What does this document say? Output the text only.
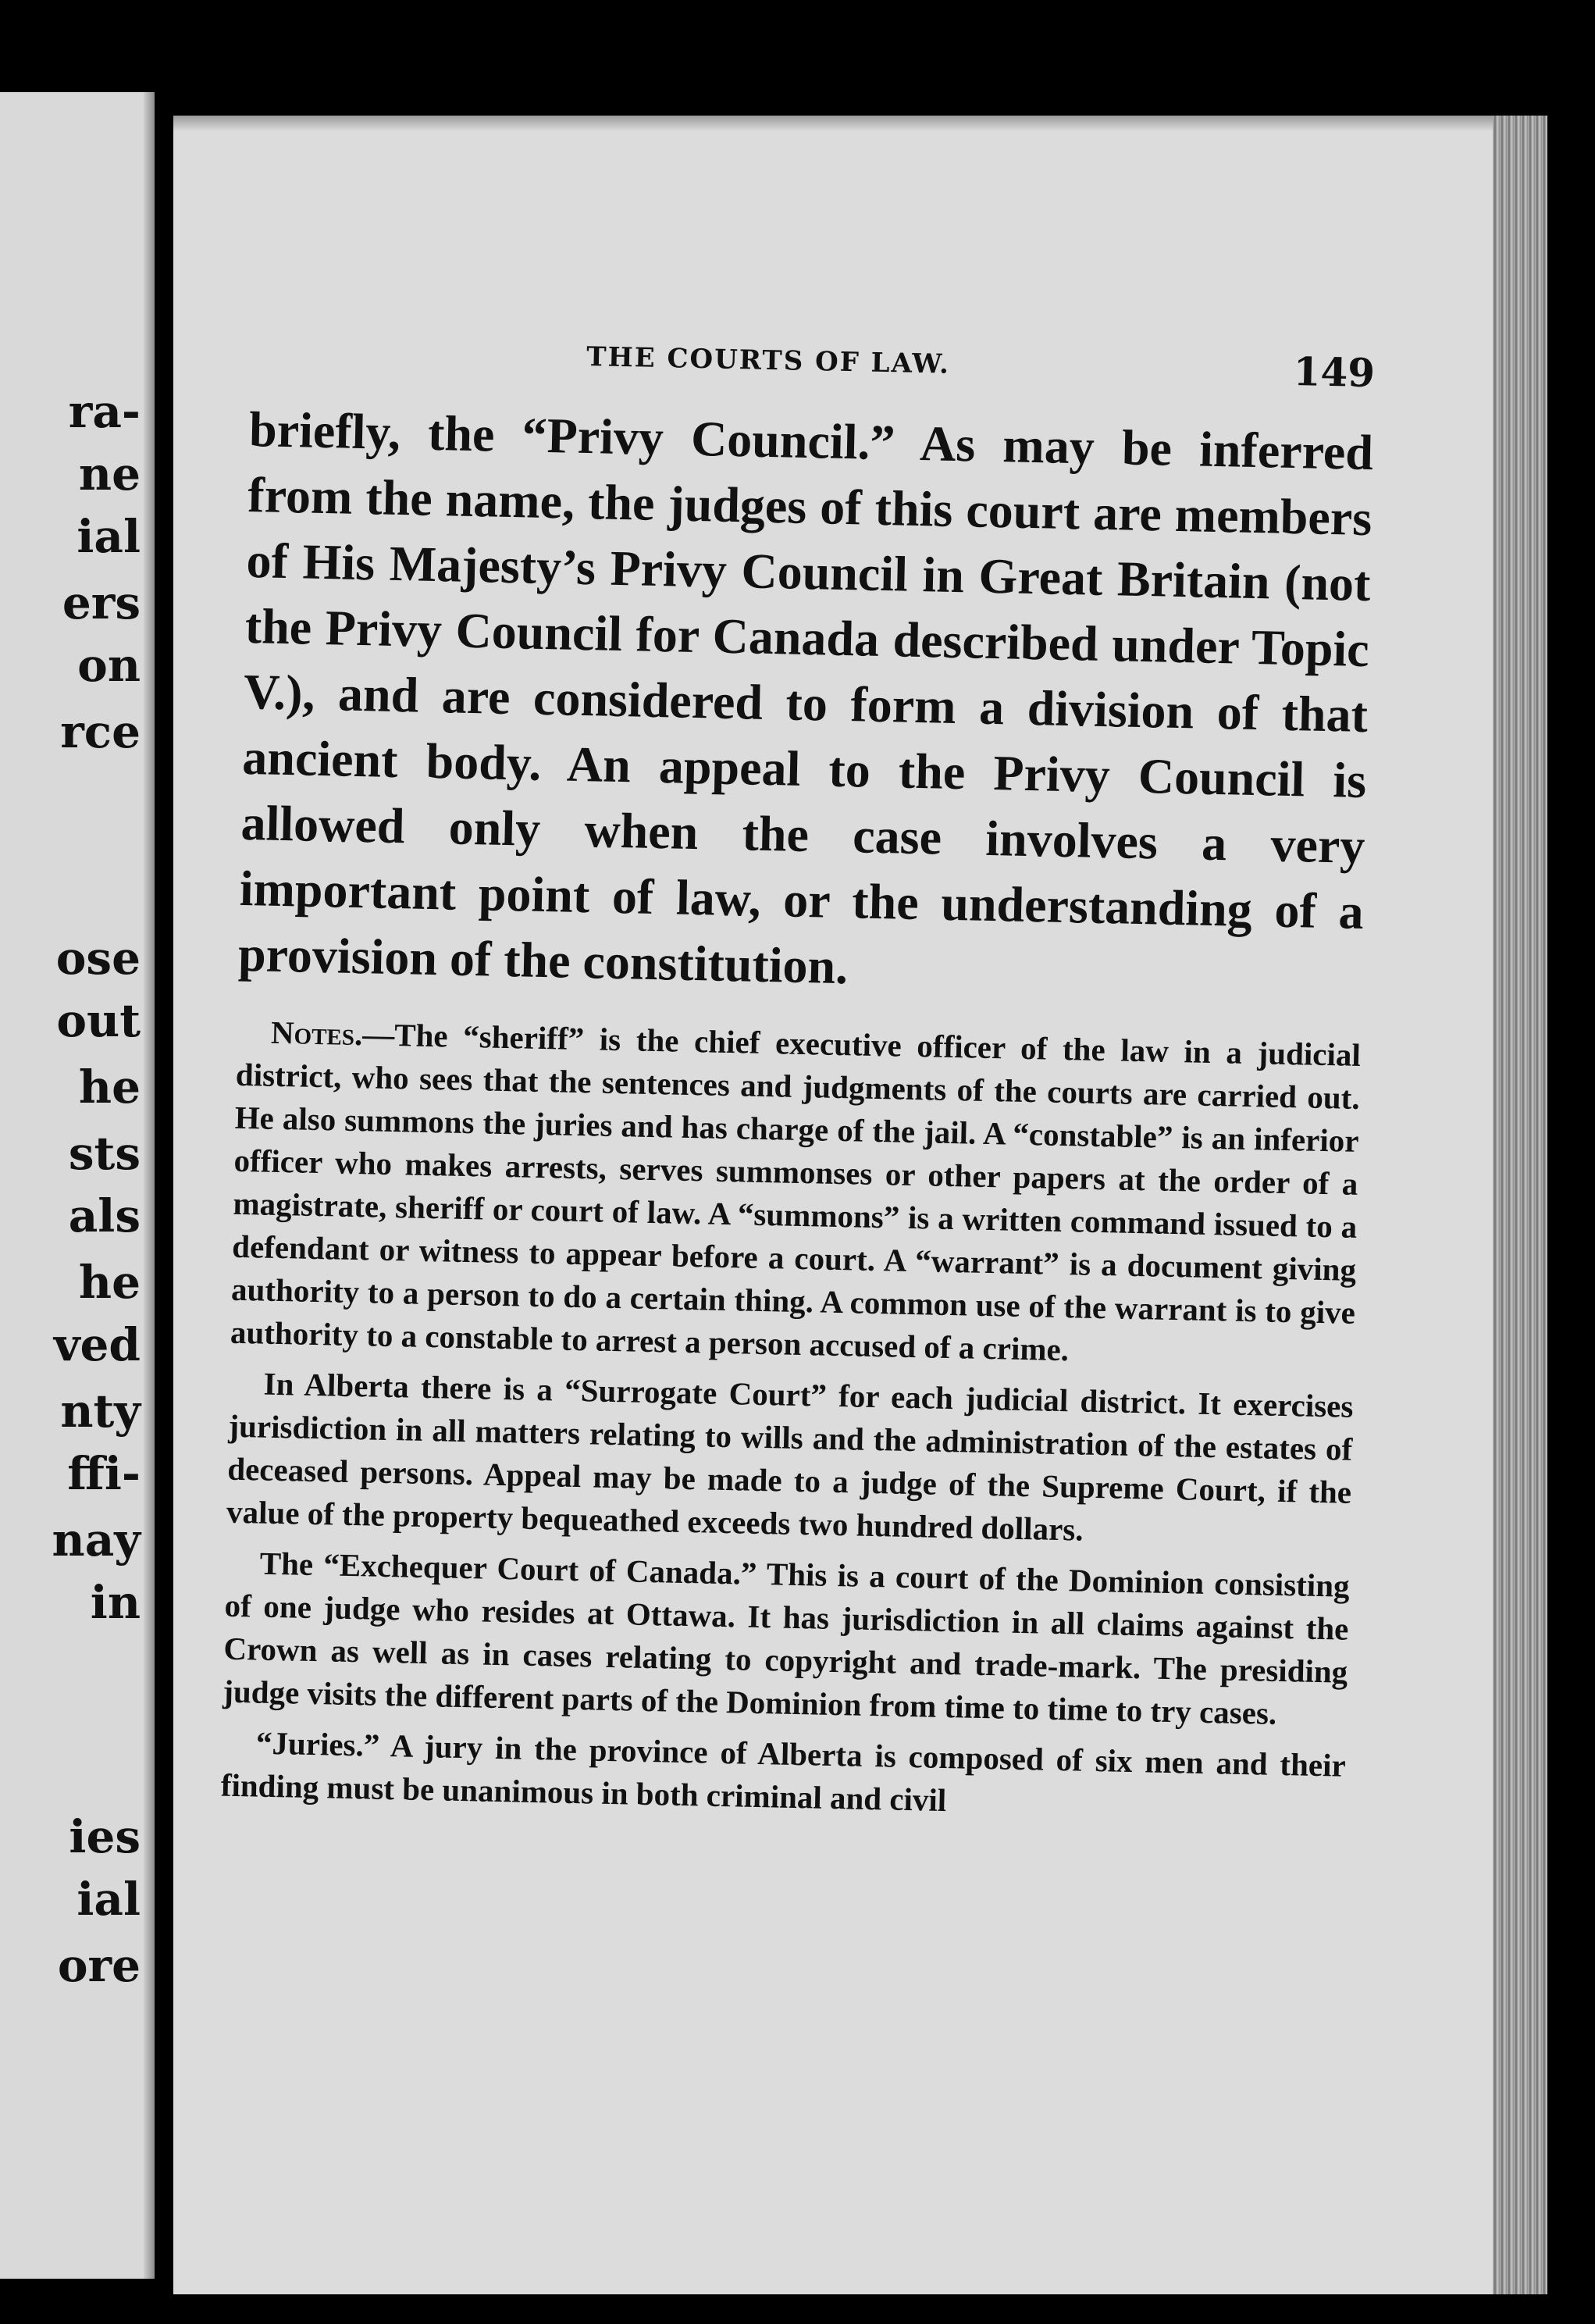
ra-
ne
ial
ers
on
rce
ose
out
he
sts
als
he
ved
nty
ffi-
nay
in
ies
ial
ore
THE COURTS OF LAW.	149

briefly, the “Privy Council.” As may be inferred from the name, the judges of this court are members of His Majesty’s Privy Council in Great Britain (not the Privy Council for Canada described under Topic V.), and are considered to form a division of that ancient body. An appeal to the Privy Council is allowed only when the case involves a very important point of law, or the understanding of a provision of the constitution.

Notes.—The “sheriff” is the chief executive officer of the law in a judicial district, who sees that the sentences and judgments of the courts are carried out. He also summons the juries and has charge of the jail. A “constable” is an inferior officer who makes arrests, serves summonses or other papers at the order of a magistrate, sheriff or court of law. A “summons” is a written command issued to a defendant or witness to appear before a court. A “warrant” is a document giving authority to a person to do a certain thing. A common use of the warrant is to give authority to a constable to arrest a person accused of a crime.

In Alberta there is a “Surrogate Court” for each judicial district. It exercises jurisdiction in all matters relating to wills and the administration of the estates of deceased persons. Appeal may be made to a judge of the Supreme Court, if the value of the property bequeathed exceeds two hundred dollars.

The “Exchequer Court of Canada.” This is a court of the Dominion consisting of one judge who resides at Ottawa. It has jurisdiction in all claims against the Crown as well as in cases relating to copyright and trade-mark. The presiding judge visits the different parts of the Dominion from time to time to try cases.

“Juries.” A jury in the province of Alberta is composed of six men and their finding must be unanimous in both criminal and civil
